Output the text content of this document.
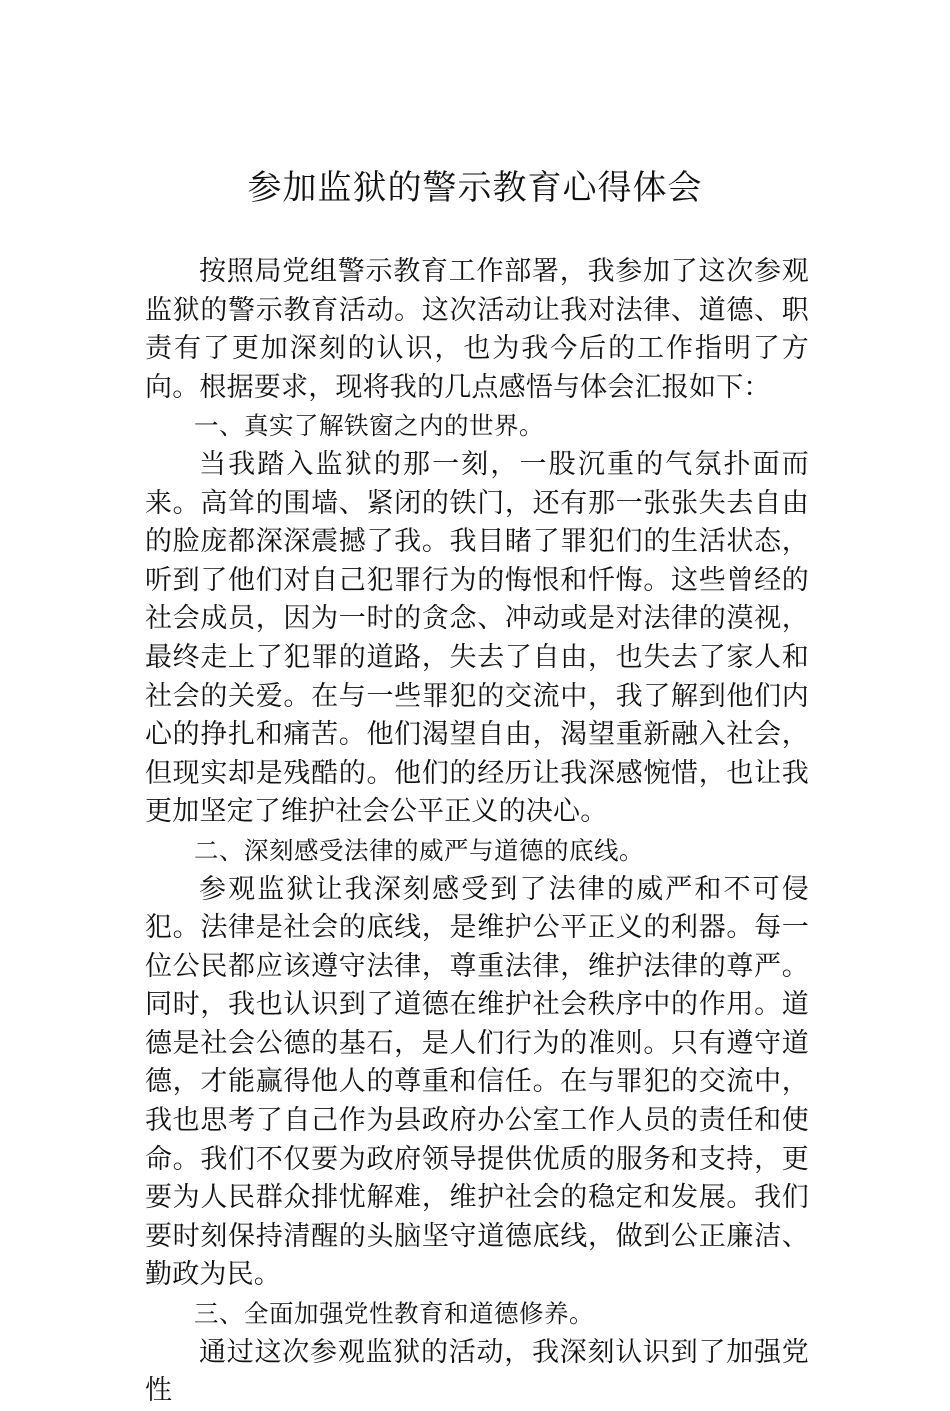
参加监狱的警示教育心得体会

按照局党组警示教育工作部署，我参加了这次参观监狱的警示教育活动。这次活动让我对法律、道德、职责有了更加深刻的认识，也为我今后的工作指明了方向。根据要求，现将我的几点感悟与体会汇报如下：

一、真实了解铁窗之内的世界。

当我踏入监狱的那一刻，一股沉重的气氛扑面而来。高耸的围墙、紧闭的铁门，还有那一张张失去自由的脸庞都深深震撼了我。我目睹了罪犯们的生活状态，听到了他们对自己犯罪行为的悔恨和忏悔。这些曾经的社会成员，因为一时的贪念、冲动或是对法律的漠视，最终走上了犯罪的道路，失去了自由，也失去了家人和社会的关爱。在与一些罪犯的交流中，我了解到他们内心的挣扎和痛苦。他们渴望自由，渴望重新融入社会，但现实却是残酷的。他们的经历让我深感惋惜，也让我更加坚定了维护社会公平正义的决心。

二、深刻感受法律的威严与道德的底线。

参观监狱让我深刻感受到了法律的威严和不可侵犯。法律是社会的底线，是维护公平正义的利器。每一位公民都应该遵守法律，尊重法律，维护法律的尊严。同时，我也认识到了道德在维护社会秩序中的作用。道德是社会公德的基石，是人们行为的准则。只有遵守道德，才能赢得他人的尊重和信任。在与罪犯的交流中，我也思考了自己作为县政府办公室工作人员的责任和使命。我们不仅要为政府领导提供优质的服务和支持，更要为人民群众排忧解难，维护社会的稳定和发展。我们要时刻保持清醒的头脑坚守道德底线，做到公正廉洁、勤政为民。

三、全面加强党性教育和道德修养。

通过这次参观监狱的活动，我深刻认识到了加强党性
